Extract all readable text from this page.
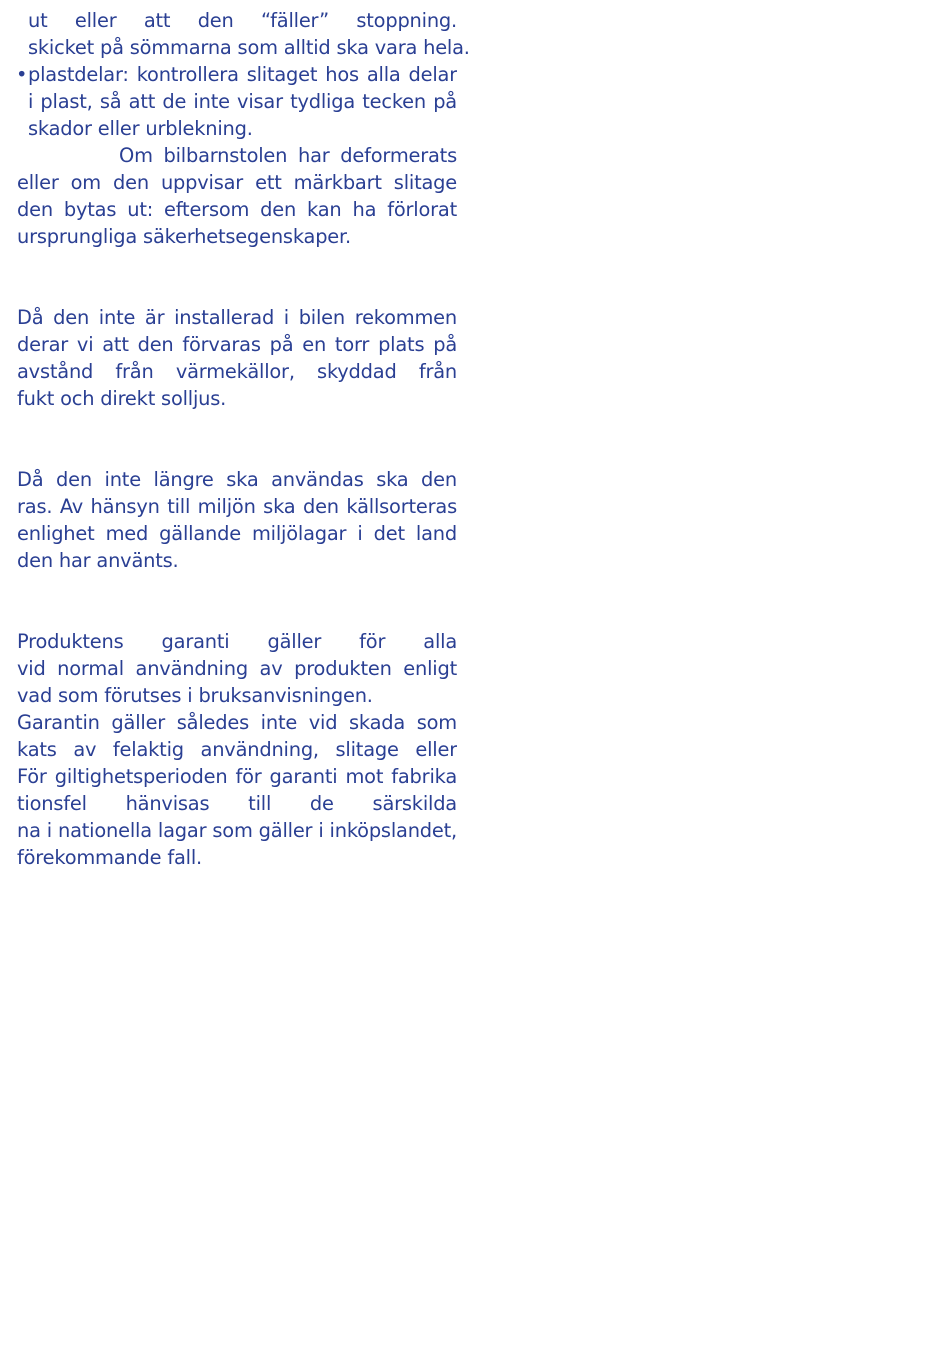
ut eller att den “fäller” stoppning.
skicket på sömmarna som alltid ska vara hela.
• plastdelar: kontrollera slitaget hos alla delar
i plast, så att de inte visar tydliga tecken på
skador eller urblekning.
Om bilbarnstolen har deformerats
eller om den uppvisar ett märkbart slitage
den bytas ut: eftersom den kan ha förlorat
ursprungliga säkerhetsegenskaper.
Då den inte är installerad i bilen rekommen
derar vi att den förvaras på en torr plats på
avstånd från värmekällor, skyddad från
fukt och direkt solljus.
Då den inte längre ska användas ska den
ras. Av hänsyn till miljön ska den källsorteras
enlighet med gällande miljölagar i det land
den har använts.
Produktens garanti gäller för alla
vid normal användning av produkten enligt
vad som förutses i bruksanvisningen.
Garantin gäller således inte vid skada som
kats av felaktig användning, slitage eller
För giltighetsperioden för garanti mot fabrika
tionsfel hänvisas till de särskilda
na i nationella lagar som gäller i inköpslandet,
förekommande fall.
